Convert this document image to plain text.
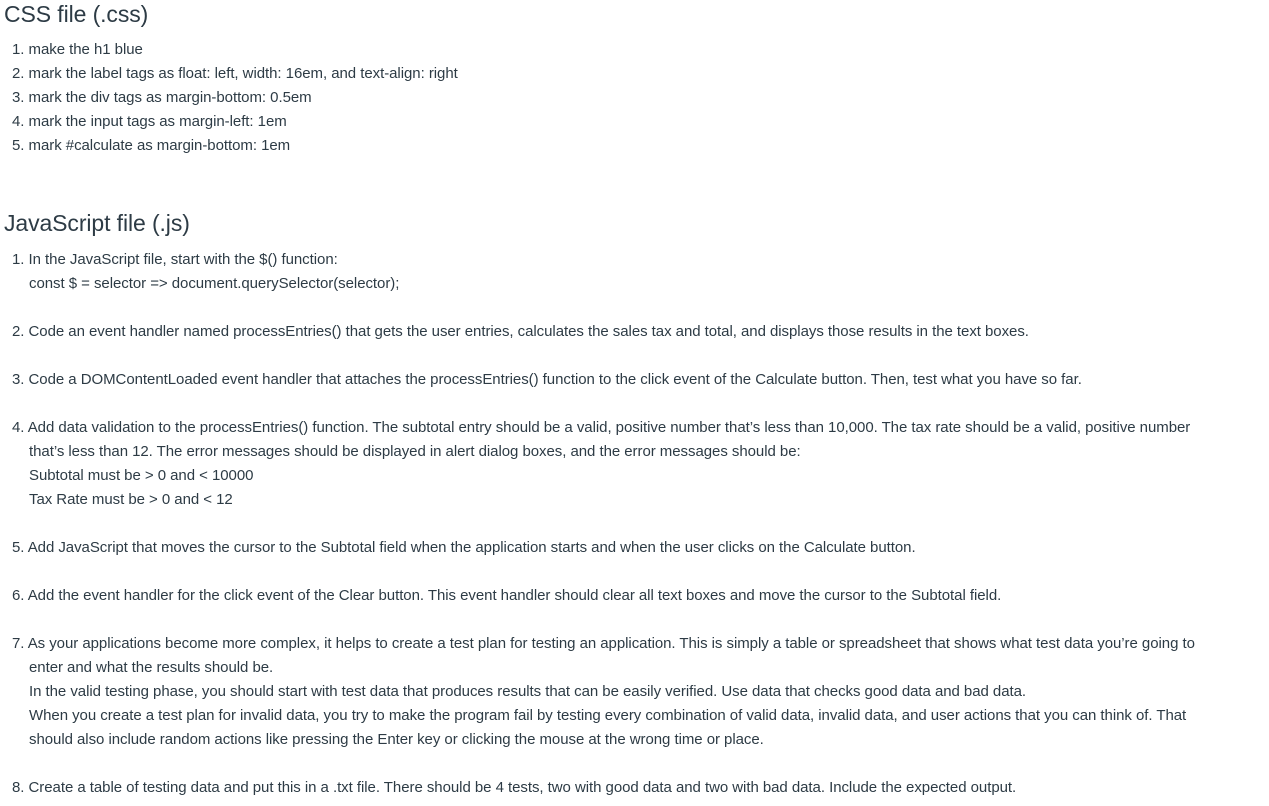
CSS file (.css)
1. make the h1 blue
2. mark the label tags as float: left, width: 16em, and text-align: right
3. mark the div tags as margin-bottom: 0.5em
4. mark the input tags as margin-left: 1em
5. mark #calculate as margin-bottom: 1em
JavaScript file (.js)
1. In the JavaScript file, start with the $() function:
const $ = selector => document.querySelector(selector);
2. Code an event handler named processEntries() that gets the user entries, calculates the sales tax and total, and displays those results in the text boxes.
3. Code a DOMContentLoaded event handler that attaches the processEntries() function to the click event of the Calculate button. Then, test what you have so far.
4. Add data validation to the processEntries() function. The subtotal entry should be a valid, positive number that’s less than 10,000. The tax rate should be a valid, positive number
that’s less than 12. The error messages should be displayed in alert dialog boxes, and the error messages should be:
Subtotal must be > 0 and < 10000
Tax Rate must be > 0 and < 12
5. Add JavaScript that moves the cursor to the Subtotal field when the application starts and when the user clicks on the Calculate button.
6. Add the event handler for the click event of the Clear button. This event handler should clear all text boxes and move the cursor to the Subtotal field.
7. As your applications become more complex, it helps to create a test plan for testing an application. This is simply a table or spreadsheet that shows what test data you’re going to
enter and what the results should be.
In the valid testing phase, you should start with test data that produces results that can be easily verified. Use data that checks good data and bad data.
When you create a test plan for invalid data, you try to make the program fail by testing every combination of valid data, invalid data, and user actions that you can think of. That
should also include random actions like pressing the Enter key or clicking the mouse at the wrong time or place.
8. Create a table of testing data and put this in a .txt file. There should be 4 tests, two with good data and two with bad data. Include the expected output.
